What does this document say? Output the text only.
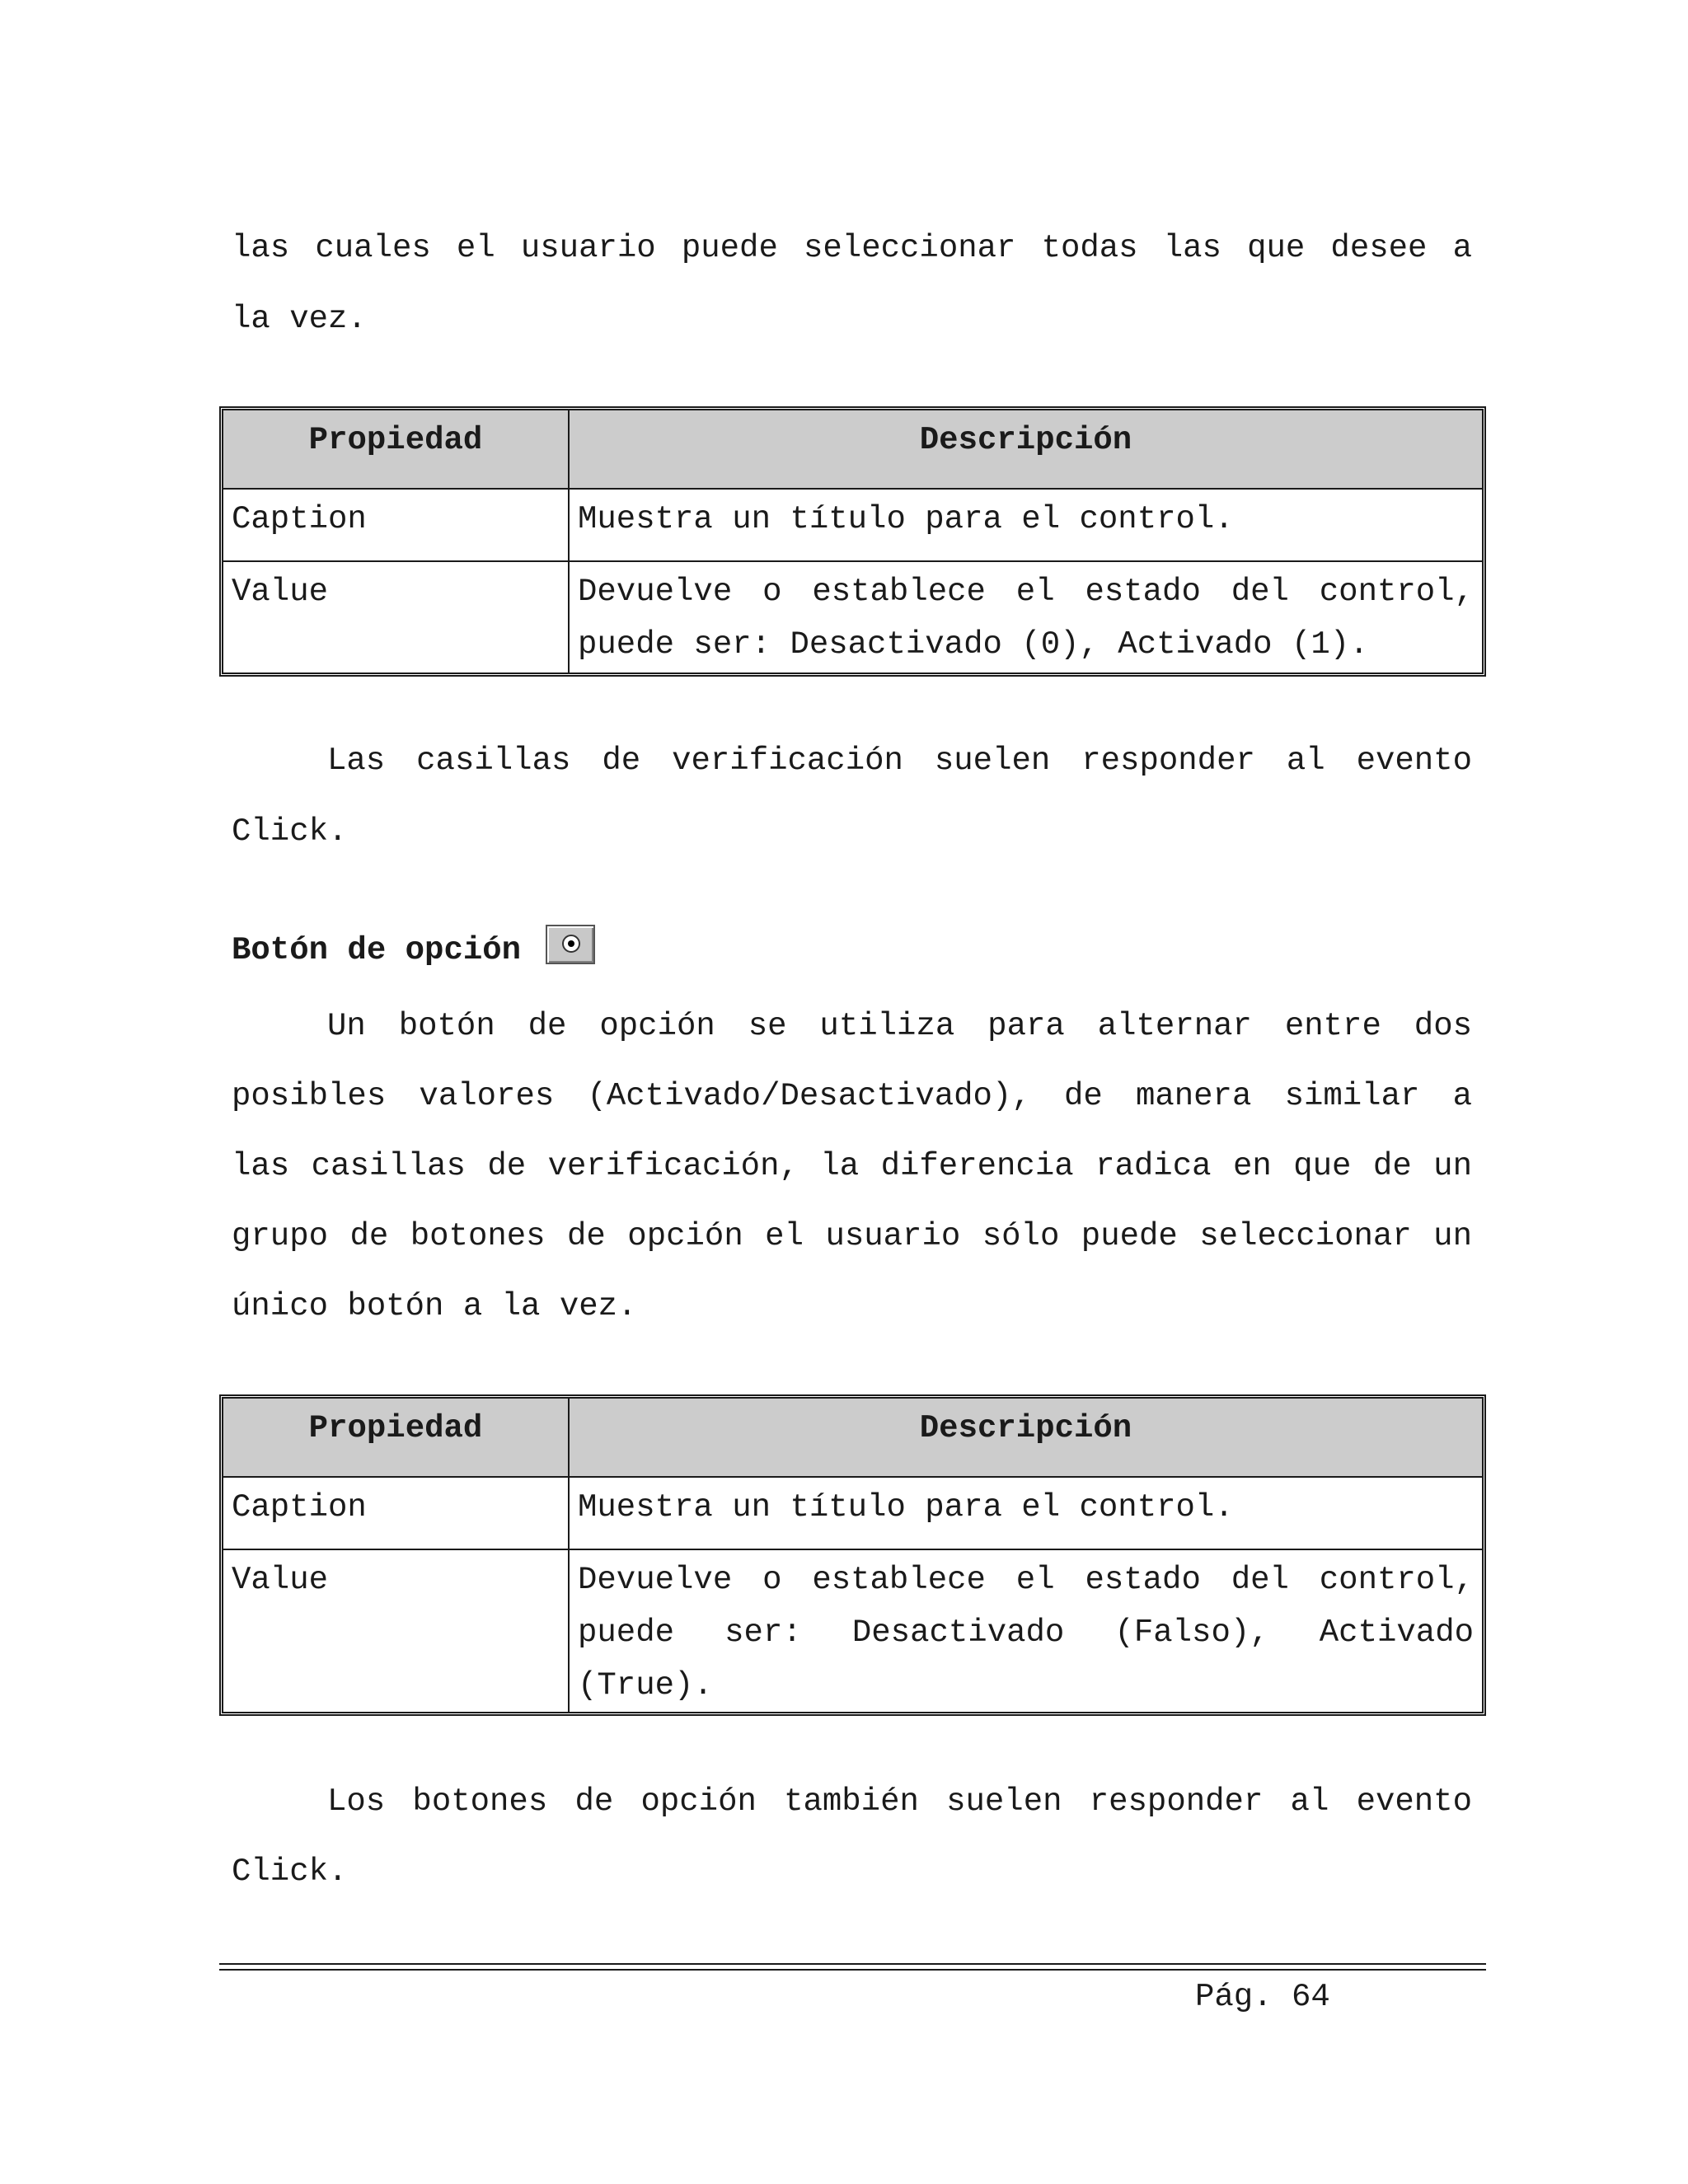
las cuales el usuario puede seleccionar todas las que desee a
la vez.
Propiedad	Descripción
Caption	Muestra un título para el control.

Value	Devuelve o establece el estado del control,
puede ser: Desactivado (0), Activado (1).
Las casillas de verificación suelen responder al evento
Click.
Botón de opción
Un botón de opción se utiliza para alternar entre dos
posibles valores (Activado/Desactivado), de manera similar a
las casillas de verificación, la diferencia radica en que de un
grupo de botones de opción el usuario sólo puede seleccionar un
único botón a la vez.
Propiedad	Descripción
Caption	Muestra un título para el control.

Value	Devuelve o establece el estado del control,
puede ser: Desactivado (Falso), Activado
(True).
Los botones de opción también suelen responder al evento
Click.
Pág. 64
